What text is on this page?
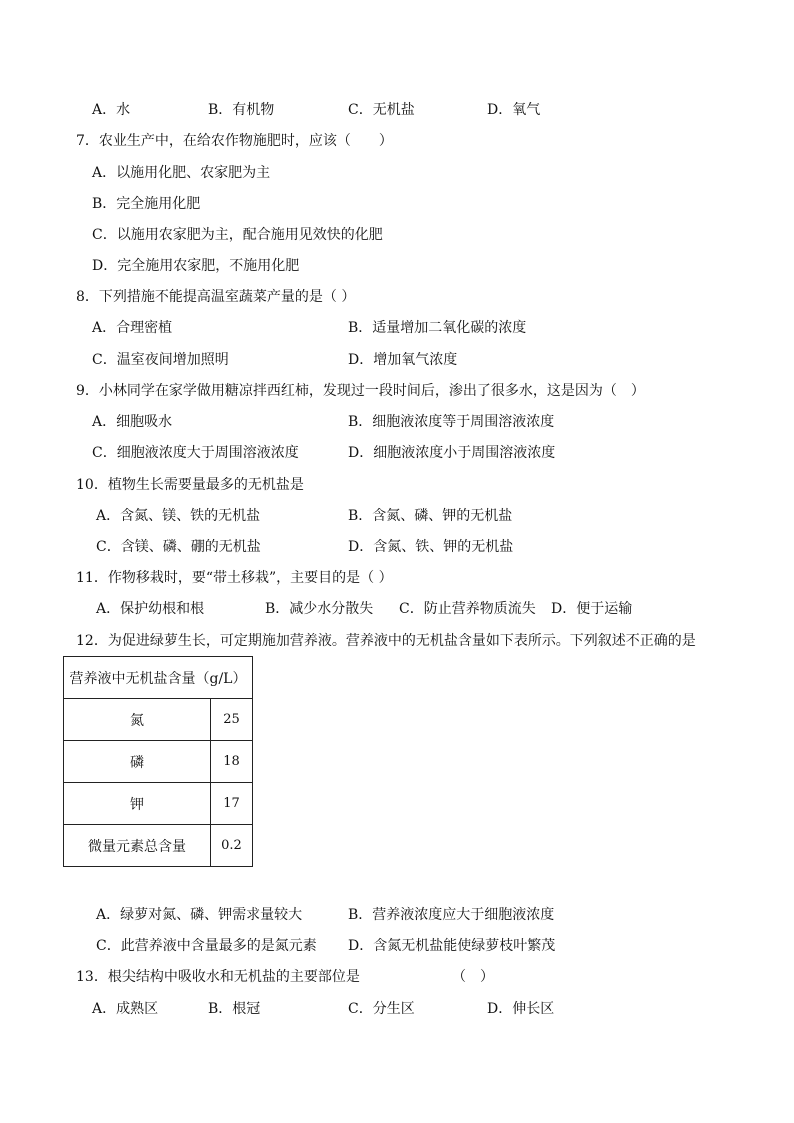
A．水	B．有机物	C．无机盐	D．氧气
7．农业生产中，在给农作物施肥时，应该（　　）
A．以施用化肥、农家肥为主
B．完全施用化肥
C．以施用农家肥为主，配合施用见效快的化肥
D．完全施用农家肥，不施用化肥
8．下列措施不能提高温室蔬菜产量的是（ ）
A．合理密植	B．适量增加二氧化碳的浓度
C．温室夜间增加照明	D．增加氧气浓度
9．小林同学在家学做用糖凉拌西红柿，发现过一段时间后，渗出了很多水，这是因为（　）
A．细胞吸水	B．细胞液浓度等于周围溶液浓度
C．细胞液浓度大于周围溶液浓度	D．细胞液浓度小于周围溶液浓度
10．植物生长需要量最多的无机盐是
A．含氮、镁、铁的无机盐	B．含氮、磷、钾的无机盐
C．含镁、磷、硼的无机盐	D．含氮、铁、钾的无机盐
11．作物移栽时，要“带土移栽”，主要目的是（ ）
A．保护幼根和根	B．减少水分散失 C．防止营养物质流失 D．便于运输
12．为促进绿萝生长，可定期施加营养液。营养液中的无机盐含量如下表所示。下列叙述不正确的是
营养液中无机盐含量（g/L）	
氮	25
磷	18
钾	17
微量元素总含量	0.2
A．绿萝对氮、磷、钾需求量较大	B．营养液浓度应大于细胞液浓度
C．此营养液中含量最多的是氮元素 D．含氮无机盐能使绿萝枝叶繁茂
13．根尖结构中吸收水和无机盐的主要部位是	（　）
A．成熟区	B．根冠	C．分生区	D．伸长区
